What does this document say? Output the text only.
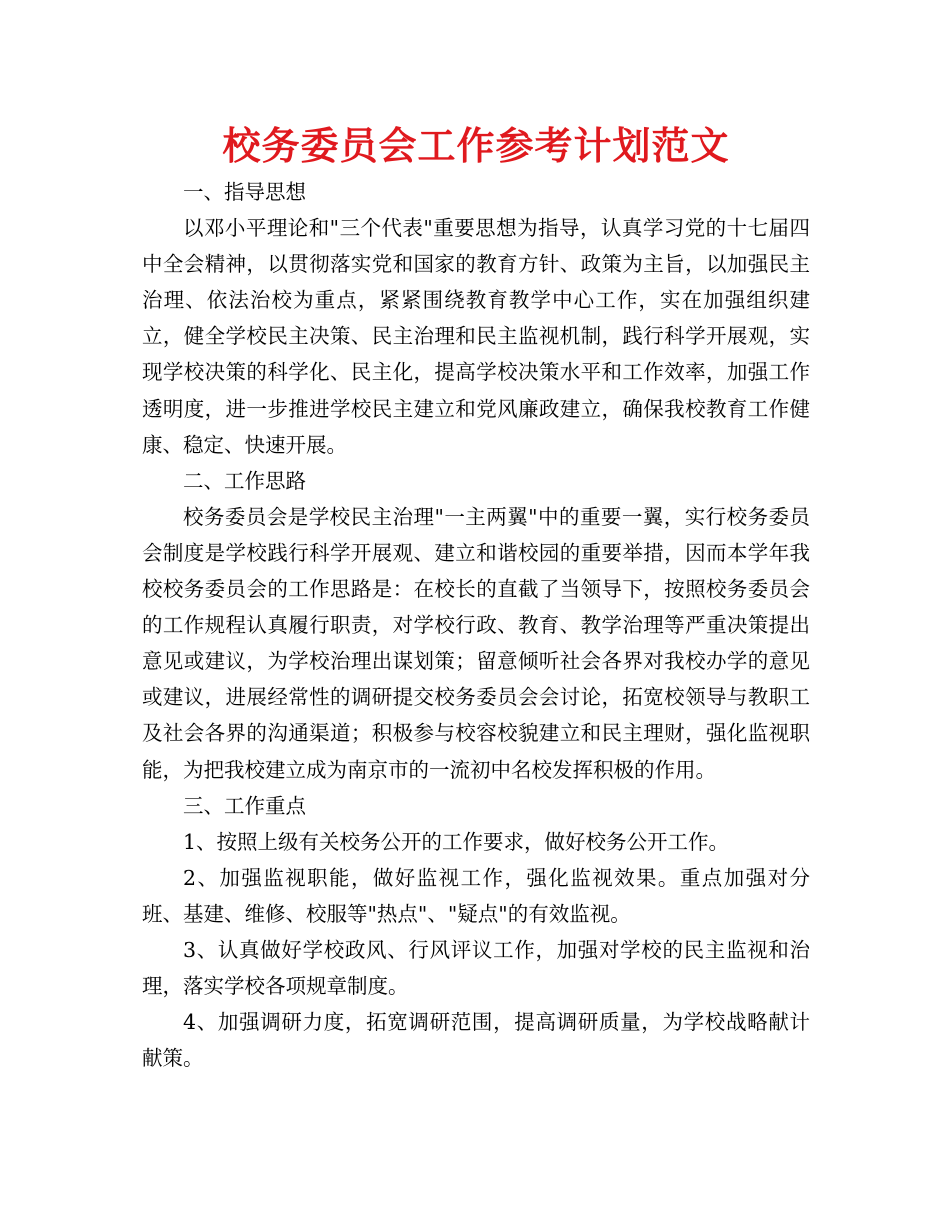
校务委员会工作参考计划范文

一、指导思想

以邓小平理论和"三个代表"重要思想为指导，认真学习党的十七届四中全会精神，以贯彻落实党和国家的教育方针、政策为主旨，以加强民主治理、依法治校为重点，紧紧围绕教育教学中心工作，实在加强组织建立，健全学校民主决策、民主治理和民主监视机制，践行科学开展观，实现学校决策的科学化、民主化，提高学校决策水平和工作效率，加强工作透明度，进一步推进学校民主建立和党风廉政建立，确保我校教育工作健康、稳定、快速开展。

二、工作思路

校务委员会是学校民主治理"一主两翼"中的重要一翼，实行校务委员会制度是学校践行科学开展观、建立和谐校园的重要举措，因而本学年我校校务委员会的工作思路是：在校长的直截了当领导下，按照校务委员会的工作规程认真履行职责，对学校行政、教育、教学治理等严重决策提出意见或建议，为学校治理出谋划策；留意倾听社会各界对我校办学的意见或建议，进展经常性的调研提交校务委员会会讨论，拓宽校领导与教职工及社会各界的沟通渠道；积极参与校容校貌建立和民主理财，强化监视职能，为把我校建立成为南京市的一流初中名校发挥积极的作用。

三、工作重点

1、按照上级有关校务公开的工作要求，做好校务公开工作。

2、加强监视职能，做好监视工作，强化监视效果。重点加强对分班、基建、维修、校服等"热点"、"疑点"的有效监视。

3、认真做好学校政风、行风评议工作，加强对学校的民主监视和治理，落实学校各项规章制度。

4、加强调研力度，拓宽调研范围，提高调研质量，为学校战略献计献策。
